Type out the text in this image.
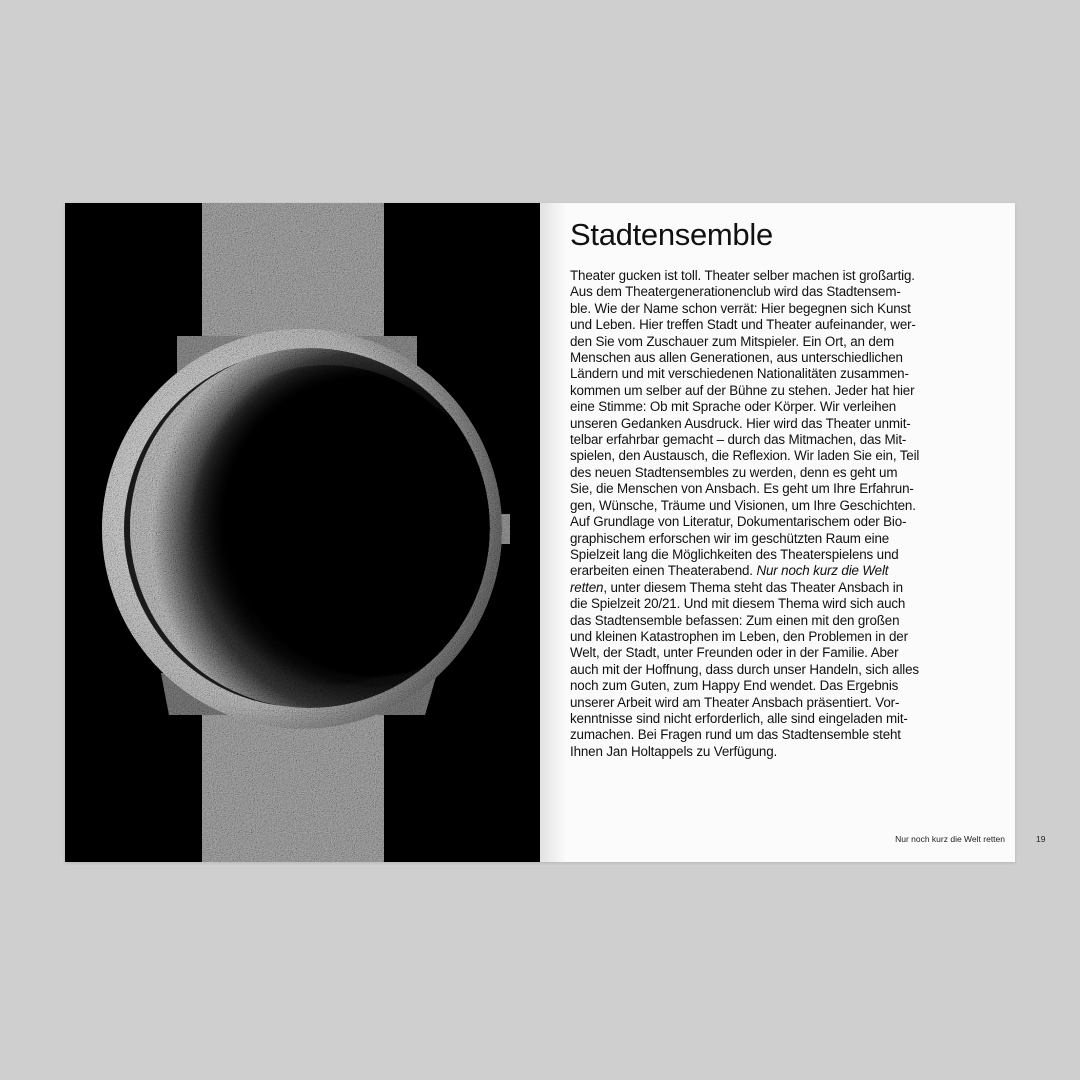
19
Nur noch kurz die Welt retten
Stadtensemble

Theater gucken ist toll. Theater selber machen ist großartig.
Aus dem Theatergenerationenclub wird das Stadtensem-
ble. Wie der Name schon verrät: Hier begegnen sich Kunst
und Leben. Hier treffen Stadt und Theater aufeinander, wer-
den Sie vom Zuschauer zum Mitspieler. Ein Ort, an dem
Menschen aus allen Generationen, aus unterschiedlichen
Ländern und mit verschiedenen Nationalitäten zusammen-
kommen um selber auf der Bühne zu stehen. Jeder hat hier
eine Stimme: Ob mit Sprache oder Körper. Wir verleihen
unseren Gedanken Ausdruck. Hier wird das Theater unmit-
telbar erfahrbar gemacht – durch das Mitmachen, das Mit-
spielen, den Austausch, die Reflexion. Wir laden Sie ein, Teil
des neuen Stadtensembles zu werden, denn es geht um
Sie, die Menschen von Ansbach. Es geht um Ihre Erfahrun-
gen, Wünsche, Träume und Visionen, um Ihre Geschichten.
Auf Grundlage von Literatur, Dokumentarischem oder Bio-
graphischem erforschen wir im geschützten Raum eine
Spielzeit lang die Möglichkeiten des Theaterspielens und
erarbeiten einen Theaterabend. Nur noch kurz die Welt
retten, unter diesem Thema steht das Theater Ansbach in
die Spielzeit 20/21. Und mit diesem Thema wird sich auch
das Stadtensemble befassen: Zum einen mit den großen
und kleinen Katastrophen im Leben, den Problemen in der
Welt, der Stadt, unter Freunden oder in der Familie. Aber
auch mit der Hoffnung, dass durch unser Handeln, sich alles
noch zum Guten, zum Happy End wendet. Das Ergebnis
unserer Arbeit wird am Theater Ansbach präsentiert. Vor-
kenntnisse sind nicht erforderlich, alle sind eingeladen mit-
zumachen. Bei Fragen rund um das Stadtensemble steht
Ihnen Jan Holtappels zu Verfügung.
